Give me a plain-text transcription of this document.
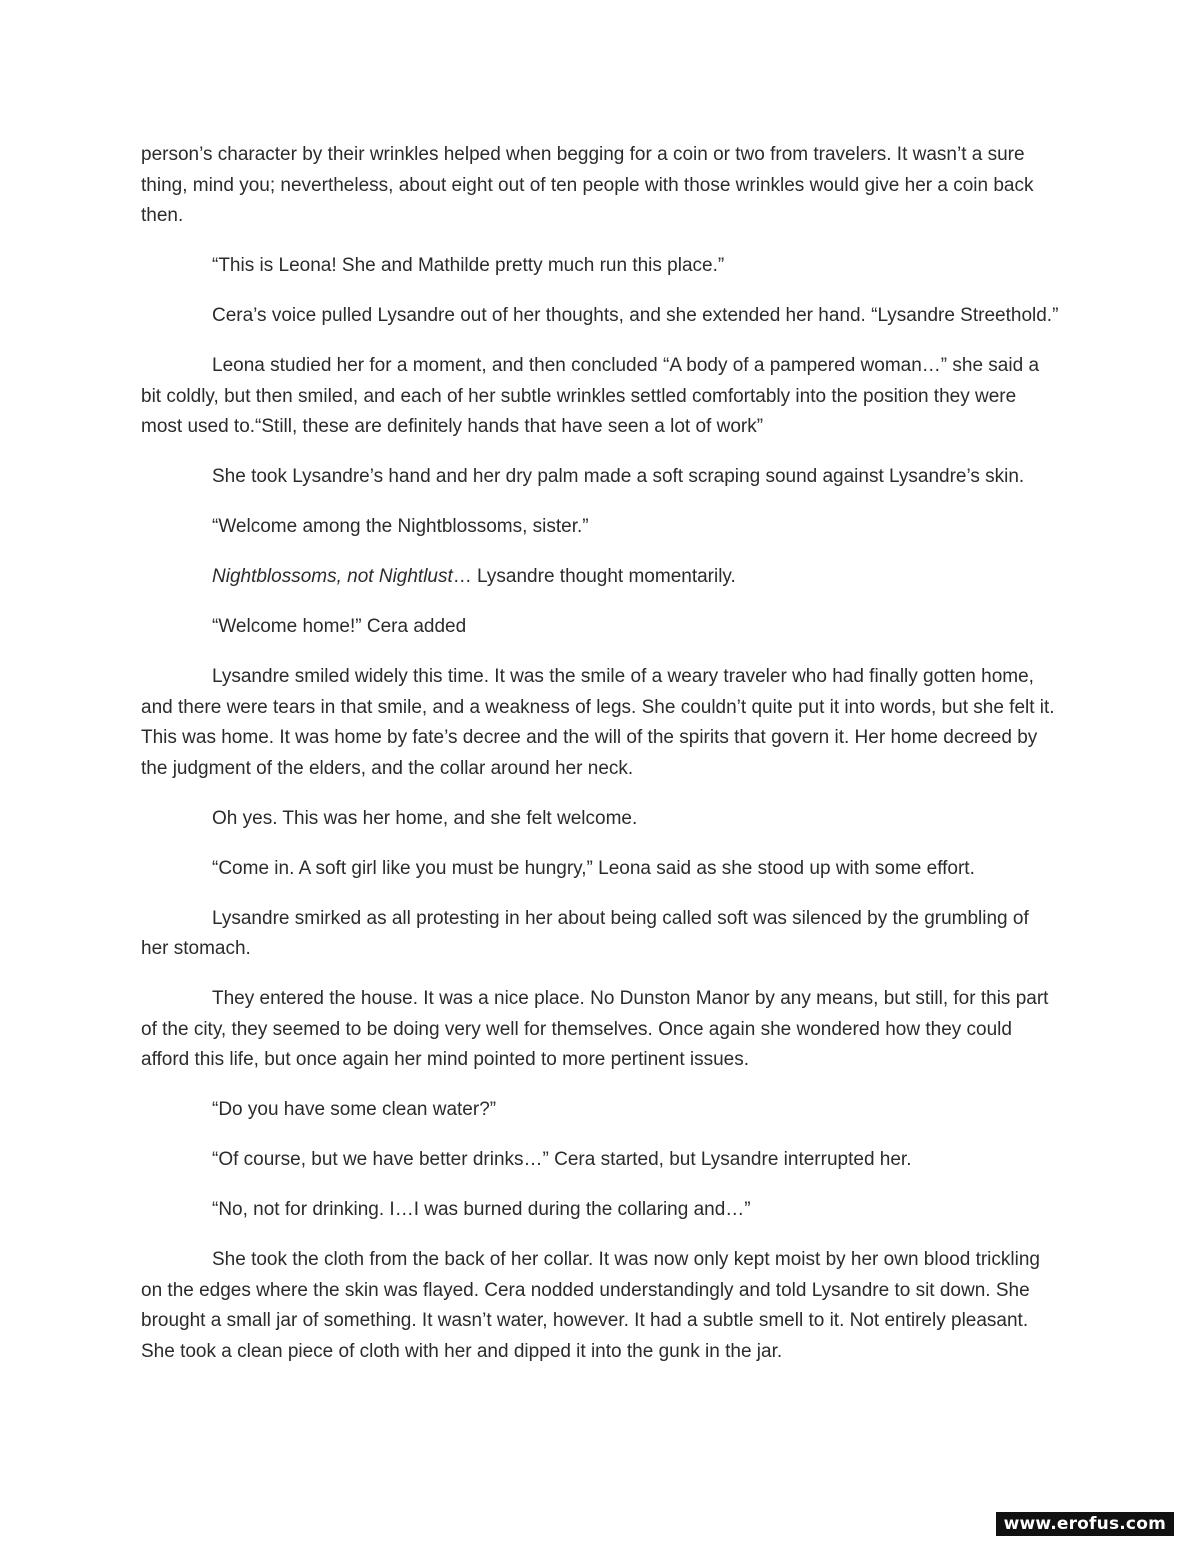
person’s character by their wrinkles helped when begging for a coin or two from travelers. It wasn’t a sure thing, mind you; nevertheless, about eight out of ten people with those wrinkles would give her a coin back then.

“This is Leona! She and Mathilde pretty much run this place.”

Cera’s voice pulled Lysandre out of her thoughts, and she extended her hand. “Lysandre Streethold.”

Leona studied her for a moment, and then concluded “A body of a pampered woman…” she said a bit coldly, but then smiled, and each of her subtle wrinkles settled comfortably into the position they were most used to.“Still, these are definitely hands that have seen a lot of work”

She took Lysandre’s hand and her dry palm made a soft scraping sound against Lysandre’s skin.

“Welcome among the Nightblossoms, sister.”

Nightblossoms, not Nightlust… Lysandre thought momentarily.

“Welcome home!” Cera added

Lysandre smiled widely this time. It was the smile of a weary traveler who had finally gotten home, and there were tears in that smile, and a weakness of legs. She couldn’t quite put it into words, but she felt it. This was home. It was home by fate’s decree and the will of the spirits that govern it. Her home decreed by the judgment of the elders, and the collar around her neck.

Oh yes. This was her home, and she felt welcome.

“Come in. A soft girl like you must be hungry,” Leona said as she stood up with some effort.

Lysandre smirked as all protesting in her about being called soft was silenced by the grumbling of her stomach.

They entered the house. It was a nice place. No Dunston Manor by any means, but still, for this part of the city, they seemed to be doing very well for themselves. Once again she wondered how they could afford this life, but once again her mind pointed to more pertinent issues.

“Do you have some clean water?”

“Of course, but we have better drinks…” Cera started, but Lysandre interrupted her.

“No, not for drinking. I…I was burned during the collaring and…”

She took the cloth from the back of her collar. It was now only kept moist by her own blood trickling on the edges where the skin was flayed. Cera nodded understandingly and told Lysandre to sit down. She brought a small jar of something. It wasn’t water, however. It had a subtle smell to it. Not entirely pleasant. She took a clean piece of cloth with her and dipped it into the gunk in the jar.

www.erofus.com
